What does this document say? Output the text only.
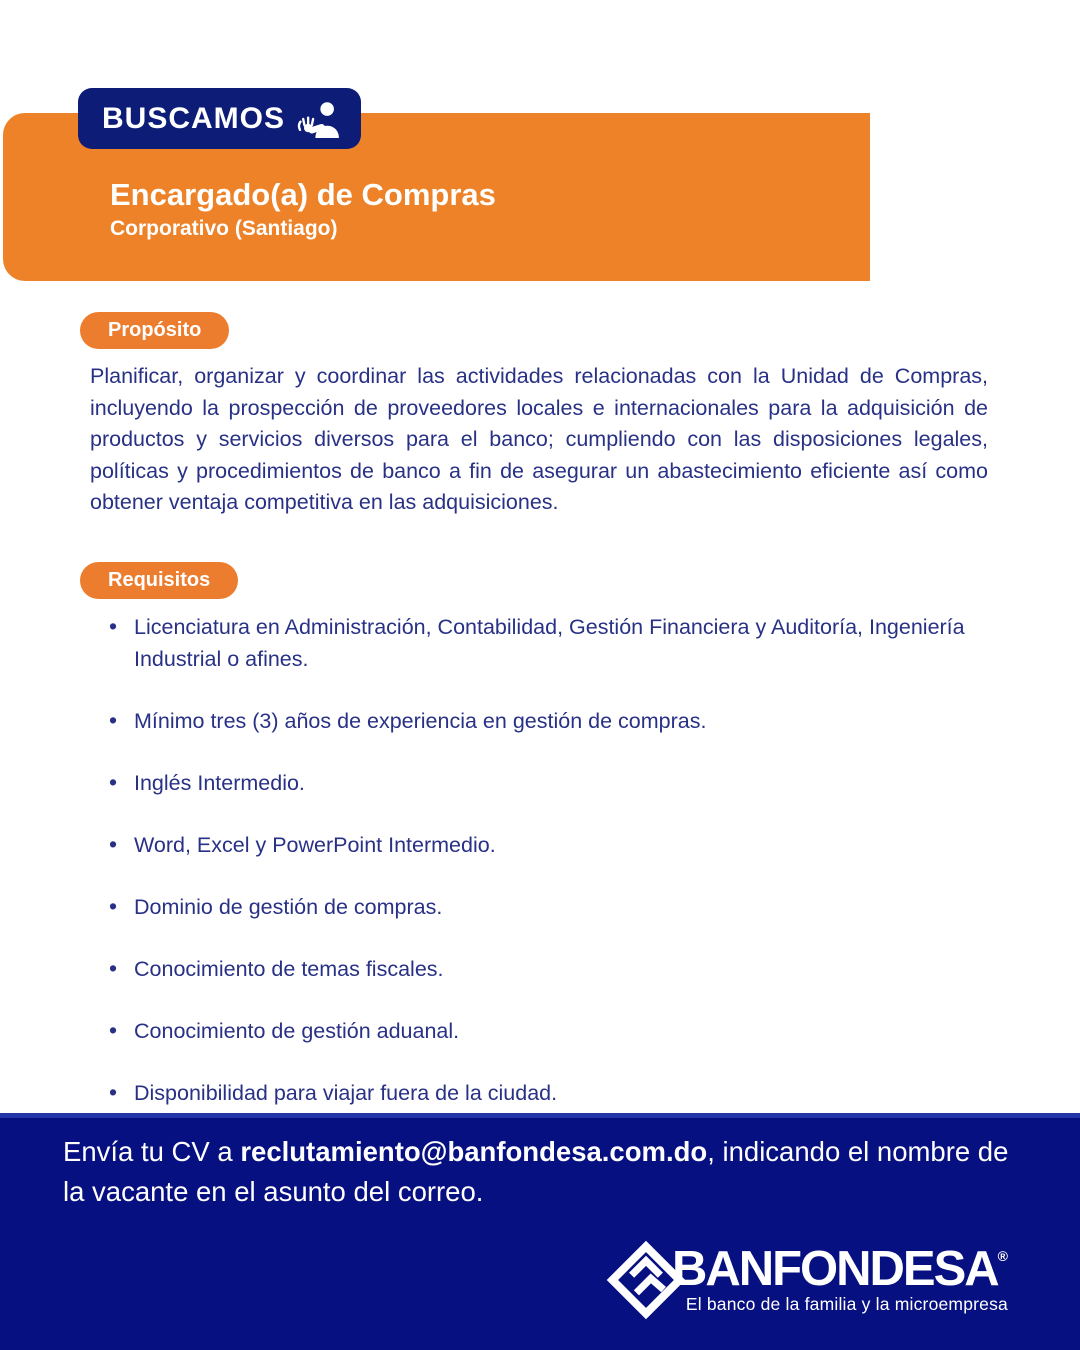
BUSCAMOS
Encargado(a) de Compras
Corporativo (Santiago)
Propósito

Planificar, organizar y coordinar las actividades relacionadas con la Unidad de Compras, incluyendo la prospección de proveedores locales e internacionales para la adquisición de productos y servicios diversos para el banco; cumpliendo con las disposiciones legales, políticas y procedimientos de banco a fin de asegurar un abastecimiento eficiente así como obtener ventaja competitiva en las adquisiciones.

Requisitos
• Licenciatura en Administración, Contabilidad, Gestión Financiera y Auditoría, Ingeniería Industrial o afines.
• Mínimo tres (3) años de experiencia en gestión de compras.
• Inglés Intermedio.
• Word, Excel y PowerPoint Intermedio.
• Dominio de gestión de compras.
• Conocimiento de temas fiscales.
• Conocimiento de gestión aduanal.
• Disponibilidad para viajar fuera de la ciudad.

Envía tu CV a reclutamiento@banfondesa.com.do, indicando el nombre de la vacante en el asunto del correo.

BANFONDESA®
El banco de la familia y la microempresa
